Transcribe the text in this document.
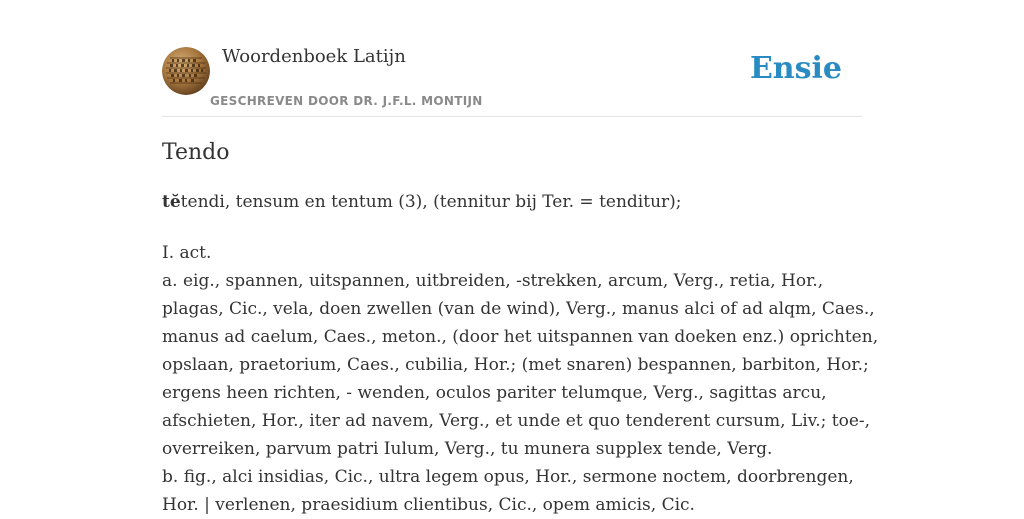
Woordenboek Latijn
GESCHREVEN DOOR DR. J.F.L. MONTIJN
Ensie
Tendo
tĕtendi, tensum en tentum (3), (tennitur bij Ter. = tenditur);
I. act.
a. eig., spannen, uitspannen, uitbreiden, -strekken, arcum, Verg., retia, Hor.,
plagas, Cic., vela, doen zwellen (van de wind), Verg., manus alci of ad alqm, Caes.,
manus ad caelum, Caes., meton., (door het uitspannen van doeken enz.) oprichten,
opslaan, praetorium, Caes., cubilia, Hor.; (met snaren) bespannen, barbiton, Hor.;
ergens heen richten, - wenden, oculos pariter telumque, Verg., sagittas arcu,
afschieten, Hor., iter ad navem, Verg., et unde et quo tenderent cursum, Liv.; toe-,
overreiken, parvum patri Iulum, Verg., tu munera supplex tende, Verg.
b. fig., alci insidias, Cic., ultra legem opus, Hor., sermone noctem, doorbrengen,
Hor. | verlenen, praesidium clientibus, Cic., opem amicis, Cic.
